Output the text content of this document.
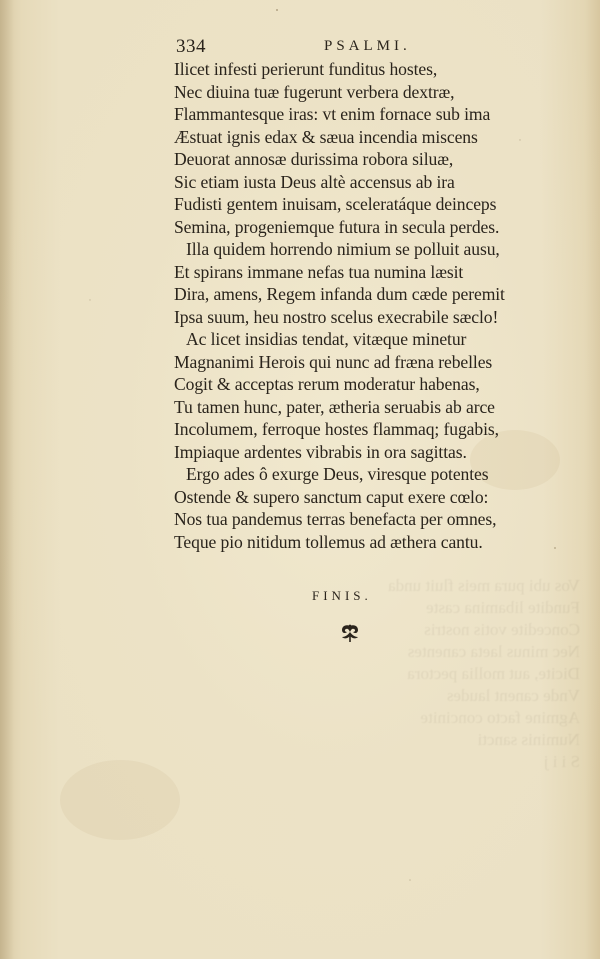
Vos ubi pura meis fluit unda
Fundite libamina caste
Concedite votis nostris
Nec minus laeta canentes
Dicite, aut mollia pectora
Vnde canent laudes
Agmine facto concinite
Numinis sancti
S i i j
334	PSALMI.
Ilicet infesti perierunt funditus hostes,
Nec diuina tuæ fugerunt verbera dextræ,
Flammantesque iras: vt enim fornace sub ima
Æstuat ignis edax & sæua incendia miscens
Deuorat annosæ durissima robora siluæ,
Sic etiam iusta Deus altè accensus ab ira
Fudisti gentem inuisam, sceleratáque deinceps
Semina, progeniemque futura in secula perdes.
Illa quidem horrendo nimium se polluit ausu,
Et spirans immane nefas tua numina læsit
Dira, amens, Regem infanda dum cæde peremit
Ipsa suum, heu nostro scelus execrabile sæclo!
Ac licet insidias tendat, vitæque minetur
Magnanimi Herois qui nunc ad fræna rebelles
Cogit & acceptas rerum moderatur habenas,
Tu tamen hunc, pater, ætheria seruabis ab arce
Incolumem, ferroque hostes flammaq; fugabis,
Impiaque ardentes vibrabis in ora sagittas.
Ergo ades ô exurge Deus, viresque potentes
Ostende & supero sanctum caput exere cœlo:
Nos tua pandemus terras benefacta per omnes,
Teque pio nitidum tollemus ad æthera cantu.
FINIS.
